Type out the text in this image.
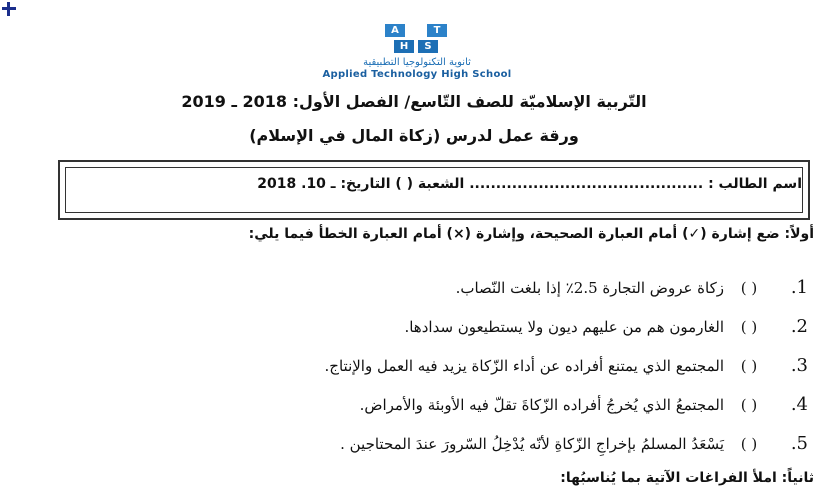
A	T
H	S
ثانوية التكنولوجيا التطبيقية
Applied Technology High School
التّربية الإسلاميّة للصف التّاسع/ الفصل الأول: 2018 ـ 2019
ورقة عمل لدرس (زكاة المال في الإسلام)
اسم الطالب : ............................................ الشعبة ( ) التاريخ: ـ 10. 2018
أولاً: ضع إشارة (✓) أمام العبارة الصحيحة، وإشارة (×) أمام العبارة الخطأ فيما يلي:
1.
( )
زكاة عروض التجارة 2.5٪ إذا بلغت النّصاب.
2.
( )
الغارمون هم من عليهم ديون ولا يستطيعون سدادها.
3.
( )
المجتمع الذي يمتنع أفراده عن أداء الزّكاة يزيد فيه العمل والإنتاج.
4.
( )
المجتمعُ الذي يُخرجُ أفراده الزّكاةَ تقلّ فيه الأوبئة والأمراض.
5.
( )
يَسْعَدُ المسلمُ بإخراجِ الزّكاةِ لأنّه يُدْخِلُ السّرورَ عندَ المحتاجين .
ثانياً: املأ الفراغات الآتية بما يُناسبُها:
